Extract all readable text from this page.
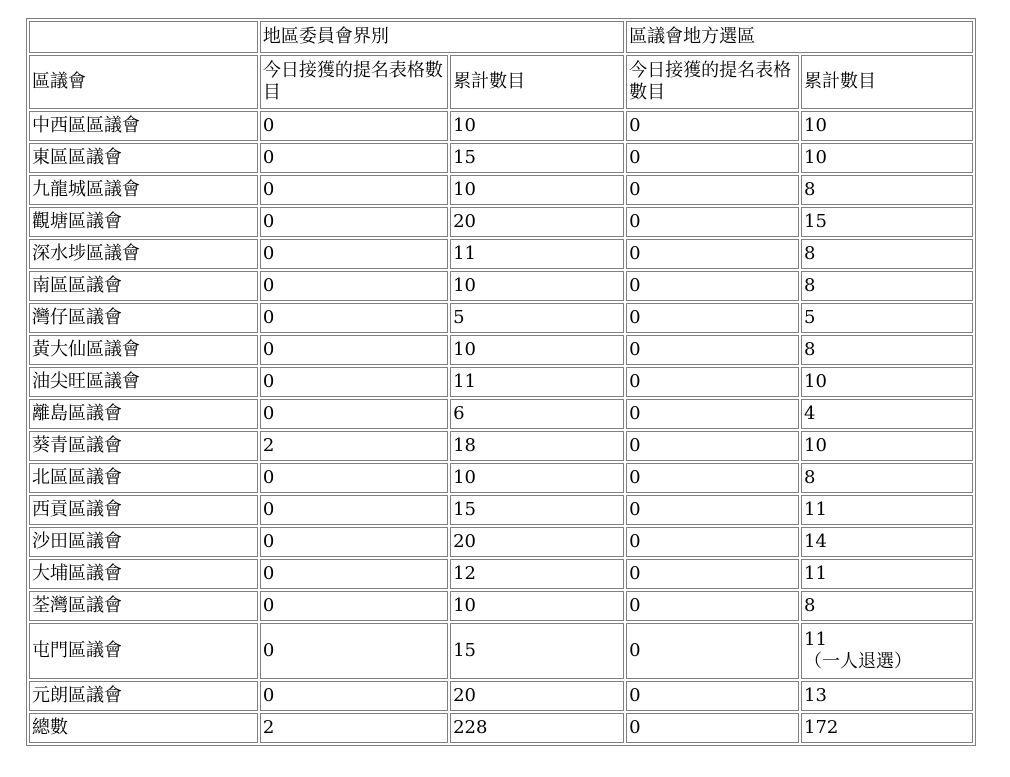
	地區委員會界別		區議會地方選區	
區議會	今日接獲的提名表格數目	累計數目	今日接獲的提名表格數目	累計數目
中西區區議會	0	10	0	10
東區區議會	0	15	0	10
九龍城區議會	0	10	0	8
觀塘區議會	0	20	0	15
深水埗區議會	0	11	0	8
南區區議會	0	10	0	8
灣仔區議會	0	5	0	5
黃大仙區議會	0	10	0	8
油尖旺區議會	0	11	0	10
離島區議會	0	6	0	4
葵青區議會	2	18	0	10
北區區議會	0	10	0	8
西貢區議會	0	15	0	11
沙田區議會	0	20	0	14
大埔區議會	0	12	0	11
荃灣區議會	0	10	0	8
屯門區議會	0	15	0	11
（一人退選）

元朗區議會	0	20	0	13
總數	2	228	0	172
